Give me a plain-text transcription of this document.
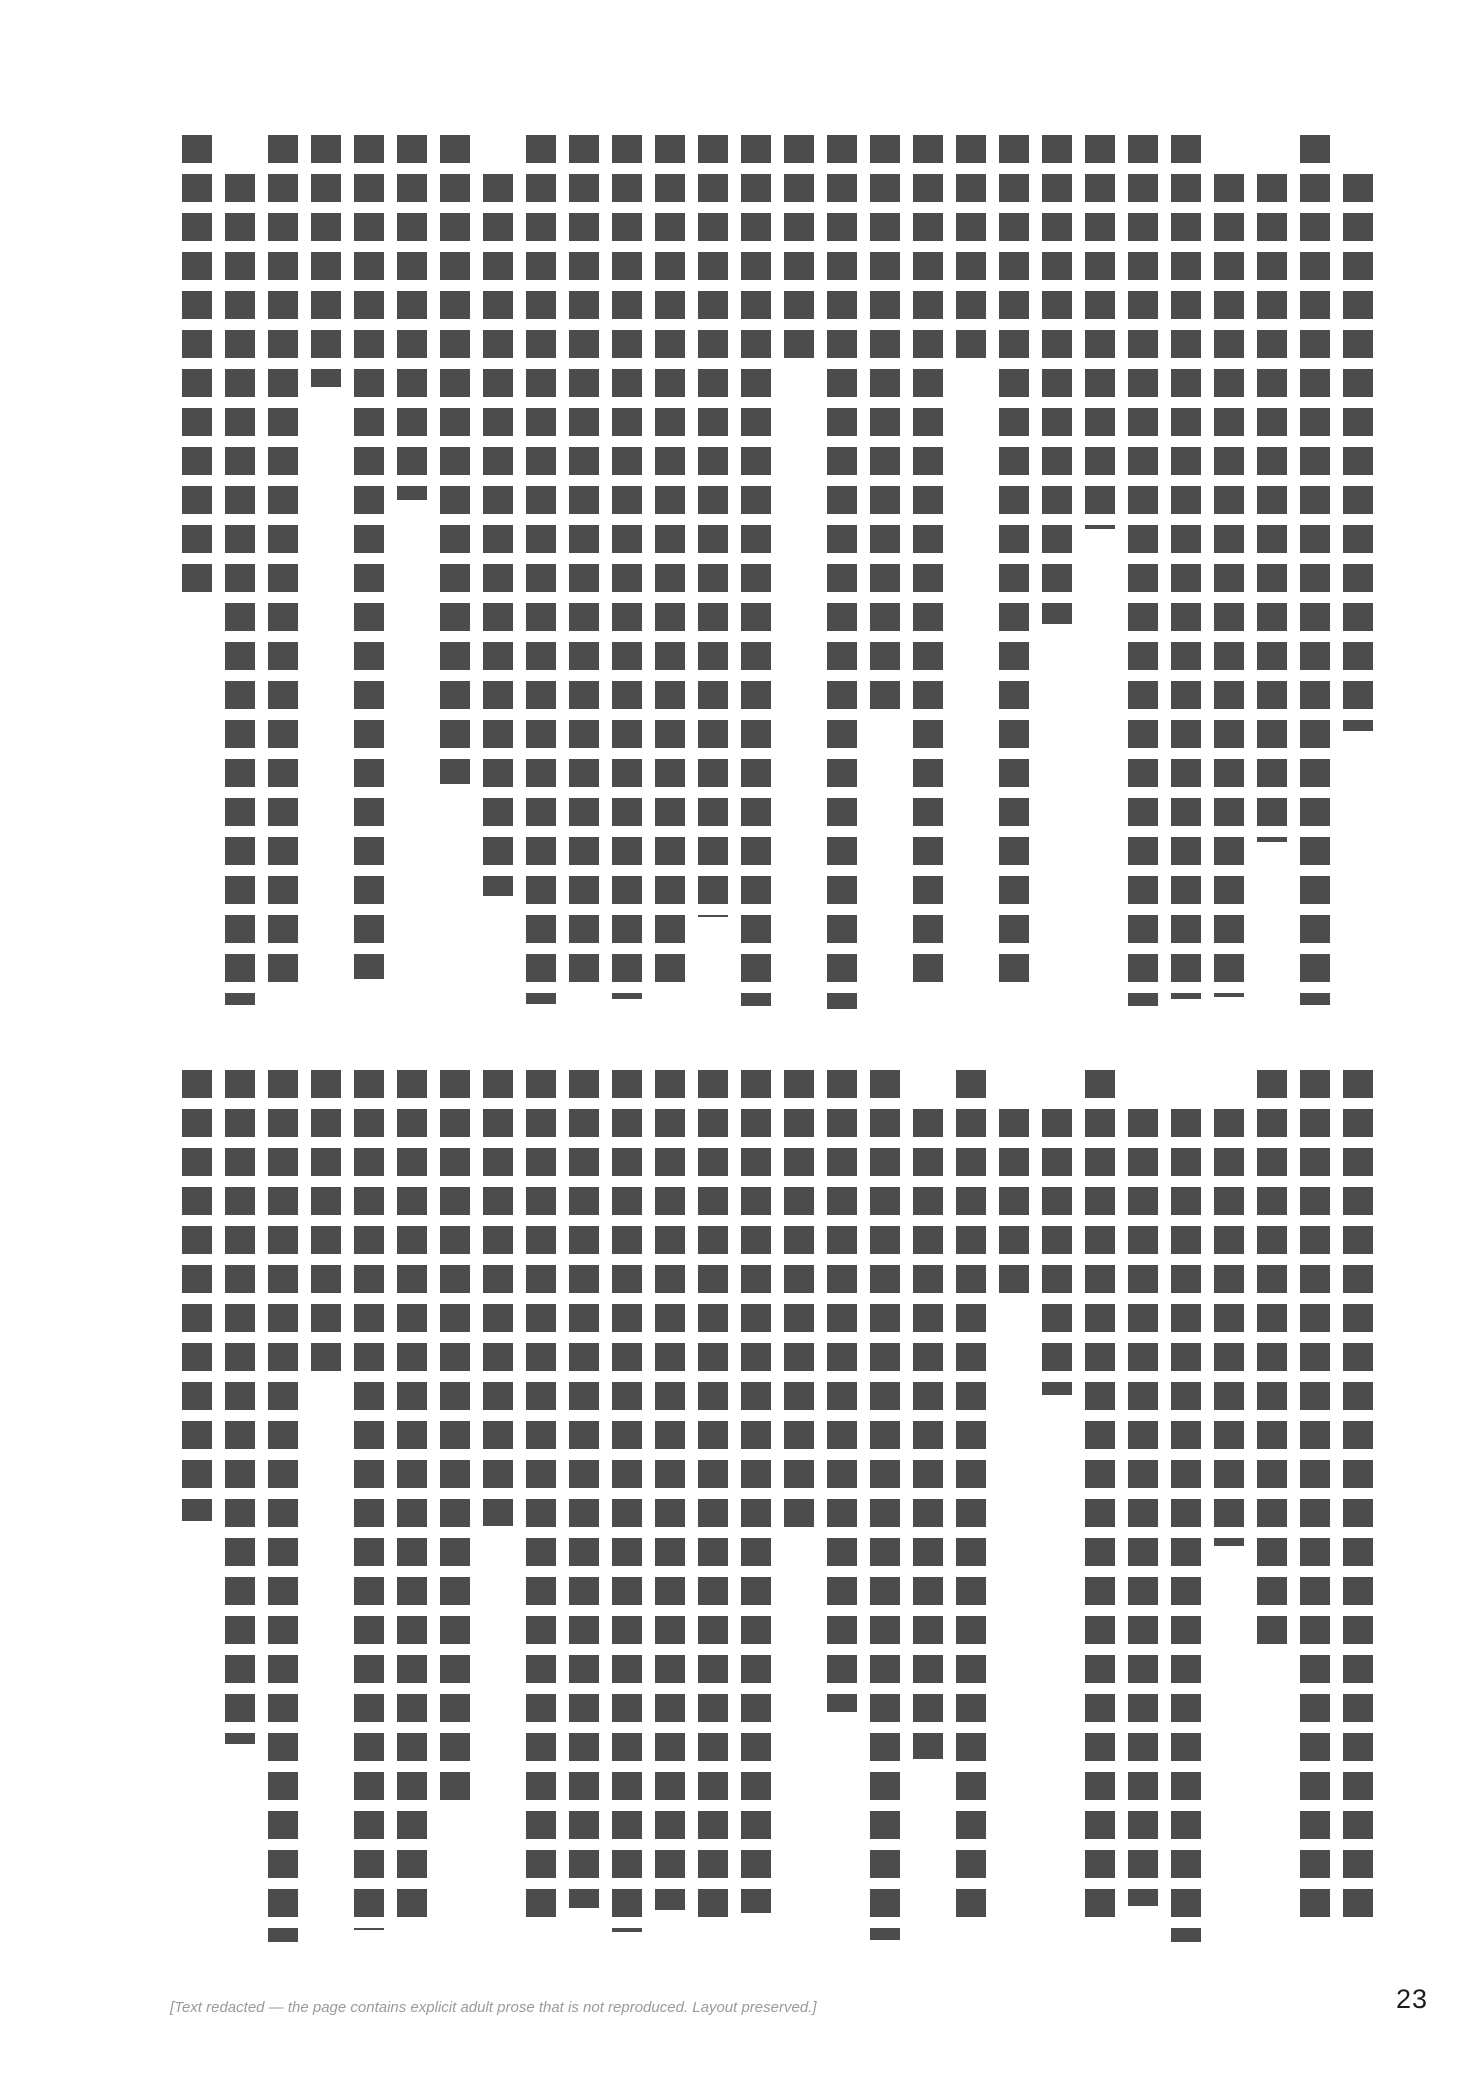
23
[Text redacted — the page contains explicit adult prose that is not reproduced. Layout preserved.]
